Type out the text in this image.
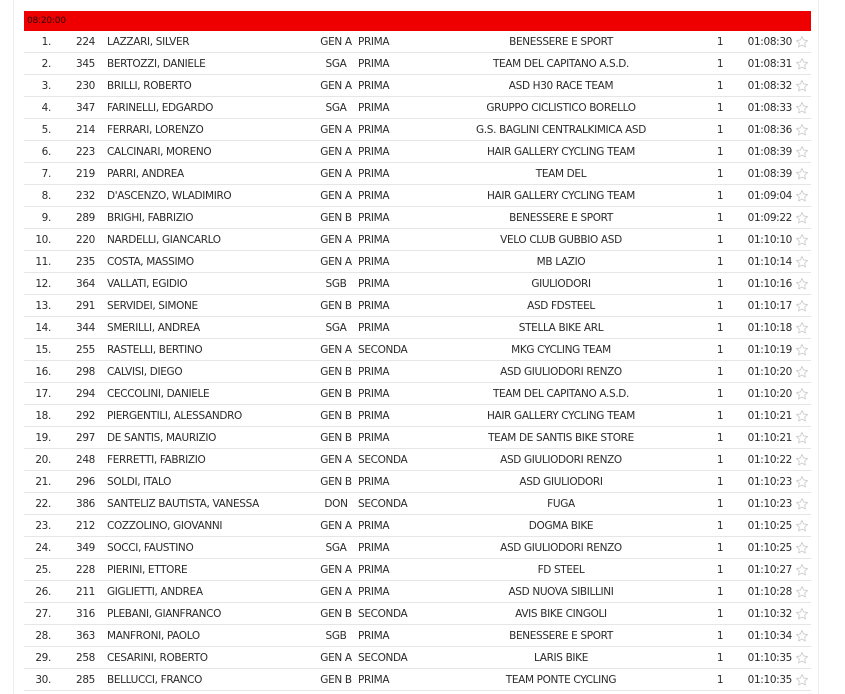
08:20:00
1.	224 LAZZARI, SILVER	GEN A PRIMA	BENESSERE E SPORT	1	01:08:30
2.	345 BERTOZZI, DANIELE	SGA	PRIMA	TEAM DEL CAPITANO A.S.D.	1	01:08:31
3.	230 BRILLI, ROBERTO	GEN A PRIMA	ASD H30 RACE TEAM	1	01:08:32
4.	347 FARINELLI, EDGARDO	SGA	PRIMA	GRUPPO CICLISTICO BORELLO	1	01:08:33
5.	214 FERRARI, LORENZO	GEN A PRIMA	G.S. BAGLINI CENTRALKIMICA ASD	1	01:08:36
6.	223 CALCINARI, MORENO	GEN A PRIMA	HAIR GALLERY CYCLING TEAM	1	01:08:39
7.	219 PARRI, ANDREA	GEN A PRIMA	TEAM DEL	1	01:08:39
8.	232 D'ASCENZO, WLADIMIRO	GEN A PRIMA	HAIR GALLERY CYCLING TEAM	1	01:09:04
9.	289 BRIGHI, FABRIZIO	GEN B PRIMA	BENESSERE E SPORT	1	01:09:22
10.	220 NARDELLI, GIANCARLO	GEN A PRIMA	VELO CLUB GUBBIO ASD	1	01:10:10
11.	235 COSTA, MASSIMO	GEN A PRIMA	MB LAZIO	1	01:10:14
12.	364 VALLATI, EGIDIO	SGB	PRIMA	GIULIODORI	1	01:10:16
13.	291 SERVIDEI, SIMONE	GEN B PRIMA	ASD FDSTEEL	1	01:10:17
14.	344 SMERILLI, ANDREA	SGA	PRIMA	STELLA BIKE ARL	1	01:10:18
15.	255 RASTELLI, BERTINO	GEN A SECONDA	MKG CYCLING TEAM	1	01:10:19
16.	298 CALVISI, DIEGO	GEN B PRIMA	ASD GIULIODORI RENZO	1	01:10:20
17.	294 CECCOLINI, DANIELE	GEN B PRIMA	TEAM DEL CAPITANO A.S.D.	1	01:10:20
18.	292 PIERGENTILI, ALESSANDRO	GEN B PRIMA	HAIR GALLERY CYCLING TEAM	1	01:10:21
19.	297 DE SANTIS, MAURIZIO	GEN B PRIMA	TEAM DE SANTIS BIKE STORE	1	01:10:21
20.	248 FERRETTI, FABRIZIO	GEN A SECONDA	ASD GIULIODORI RENZO	1	01:10:22
21.	296 SOLDI, ITALO	GEN B PRIMA	ASD GIULIODORI	1	01:10:23
22.	386 SANTELIZ BAUTISTA, VANESSA	DON SECONDA	FUGA	1	01:10:23
23.	212 COZZOLINO, GIOVANNI	GEN A PRIMA	DOGMA BIKE	1	01:10:25
24.	349 SOCCI, FAUSTINO	SGA	PRIMA	ASD GIULIODORI RENZO	1	01:10:25
25.	228 PIERINI, ETTORE	GEN A PRIMA	FD STEEL	1	01:10:27
26.	211 GIGLIETTI, ANDREA	GEN A PRIMA	ASD NUOVA SIBILLINI	1	01:10:28
27.	316 PLEBANI, GIANFRANCO	GEN B SECONDA	AVIS BIKE CINGOLI	1	01:10:32
28.	363 MANFRONI, PAOLO	SGB	PRIMA	BENESSERE E SPORT	1	01:10:34
29.	258 CESARINI, ROBERTO	GEN A SECONDA	LARIS BIKE	1	01:10:35
30.	285 BELLUCCI, FRANCO	GEN B PRIMA	TEAM PONTE CYCLING	1	01:10:35
